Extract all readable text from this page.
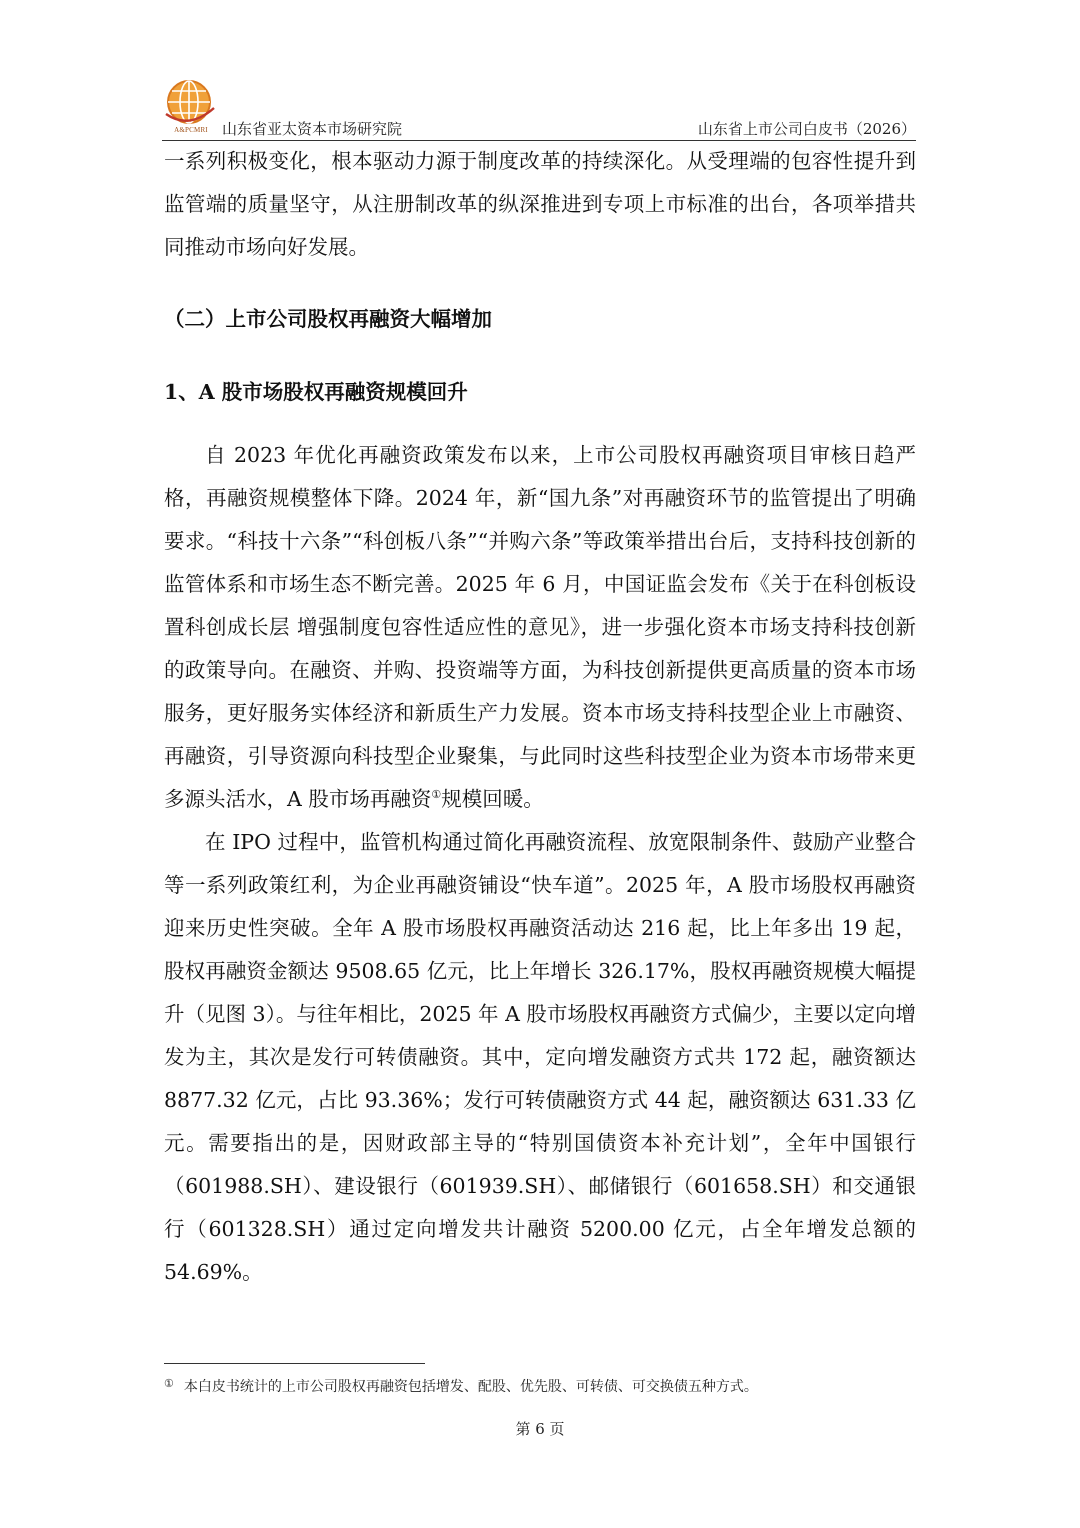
A&PCMRI 山东省亚太资本市场研究院	山东省上市公司白皮书（2026）

一系列积极变化，根本驱动力源于制度改革的持续深化。从受理端的包容性提升到监管端的质量坚守，从注册制改革的纵深推进到专项上市标准的出台，各项举措共同推动市场向好发展。

（二）上市公司股权再融资大幅增加

1、A 股市场股权再融资规模回升

自 2023 年优化再融资政策发布以来，上市公司股权再融资项目审核日趋严格，再融资规模整体下降。2024 年，新“国九条”对再融资环节的监管提出了明确要求。“科技十六条”“科创板八条”“并购六条”等政策举措出台后，支持科技创新的监管体系和市场生态不断完善。2025 年 6 月，中国证监会发布《关于在科创板设置科创成长层 增强制度包容性适应性的意见》，进一步强化资本市场支持科技创新的政策导向。在融资、并购、投资端等方面，为科技创新提供更高质量的资本市场服务，更好服务实体经济和新质生产力发展。资本市场支持科技型企业上市融资、再融资，引导资源向科技型企业聚集，与此同时这些科技型企业为资本市场带来更多源头活水，A 股市场再融资①规模回暖。

在 IPO 过程中，监管机构通过简化再融资流程、放宽限制条件、鼓励产业整合等一系列政策红利，为企业再融资铺设“快车道”。2025 年，A 股市场股权再融资迎来历史性突破。全年 A 股市场股权再融资活动达 216 起，比上年多出 19 起，股权再融资金额达 9508.65 亿元，比上年增长 326.17%，股权再融资规模大幅提升（见图 3）。与往年相比，2025 年 A 股市场股权再融资方式偏少，主要以定向增发为主，其次是发行可转债融资。其中，定向增发融资方式共 172 起，融资额达 8877.32 亿元，占比 93.36%；发行可转债融资方式 44 起，融资额达 631.33 亿元。需要指出的是，因财政部主导的“特别国债资本补充计划”，全年中国银行（601988.SH）、建设银行（601939.SH）、邮储银行（601658.SH）和交通银行（601328.SH）通过定向增发共计融资 5200.00 亿元，占全年增发总额的 54.69%。

① 本白皮书统计的上市公司股权再融资包括增发、配股、优先股、可转债、可交换债五种方式。
第 6 页
